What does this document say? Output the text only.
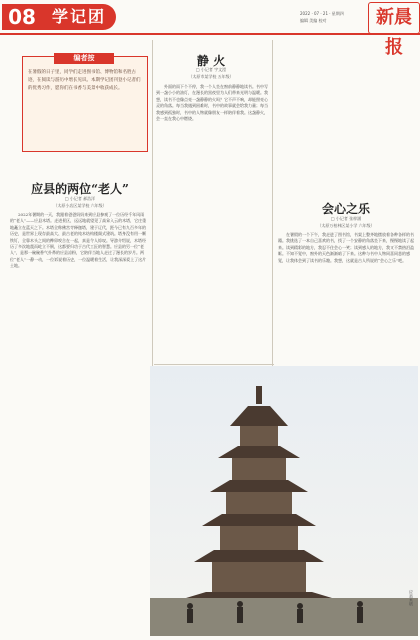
08	学记团	2022 · 07 · 21 · 星期四
编辑 美编 校对	新晨报
在暑假的日子里，同学们走进图书馆、博物馆和名胜古迹，在阅读与游历中增长见识。本期学记团刊登小记者们的优秀习作，愿你们在书香与美景中收获成长。
编者按
应县的两位“老人”
□ 小记者 郝浩洋
（太原小店区某学校 六年级）
2022年暑期的一天，我跟着爸爸妈妈来到应县参观了一位历经千年风雨的“老人”——应县木塔。走进景区，远远地就望见了高耸入云的木塔，它庄重地矗立在蓝天之下。木塔全称佛宫寺释迦塔，建于辽代，距今已有九百多年的历史，是世界上现存最高大、最古老的纯木结构楼阁式建筑。塔身没有用一颗铁钉，全靠木头之间的榫卯咬合在一起，真是令人惊叹。导游介绍说，木塔经历了多次地震而屹立不倒，这都要归功于古代工匠的智慧。应县的另一位“老人”，是那一碗碗香气扑鼻的应县凉粉，它陪伴当地人走过了漫长的岁月。两位“老人”一静一动，一位诉说着历史，一位温暖着生活，让我深深爱上了这片土地。
静 火
□ 小记者 宇文滢
（太原市某学校 五年级）
外面的雨下个不停，我一个人坐在窗前静静地读书。书中写到一盏小小的油灯，在漫长的黑夜里为人们带来光明与温暖。我想，读书不也像点亮一盏静静的火吗？它不声不响，却能照亮心灵的角落。每当我遇到困难时，书中的故事就会给我力量；每当我感到孤独时，书中的人物就像朋友一样陪伴着我。这盏静火，会一直在我心中燃烧。
会心之乐
□ 小记者 张梓涵
（太原万柏林区某小学 六年级）
在暑假的一个下午，我走进了图书馆，书架上整齐地摆放着各种各样的书籍。我挑选了一本自己喜欢的书，找了一个安静的角落坐下来，慢慢地读了起来。读到精彩的地方，我忍不住会心一笑；读到感人的地方，我又不禁热泪盈眶。不知不觉中，窗外的天色渐渐暗了下来。这种与书中人物同喜同悲的感觉，让我体会到了读书的乐趣。我想，这就是古人所说的“会心之乐”吧。
应县木塔
